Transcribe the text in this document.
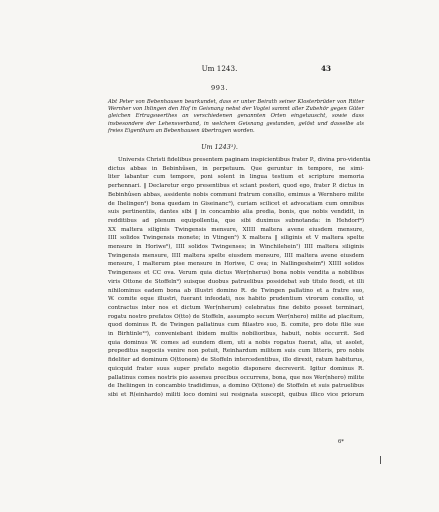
Um 1243.	43
993.

Abt Peter von Bebenhausen beurkundet, dass er unter Beirath seiner Klosterbrüder von Ritter Wernher von Ihlingen den Hof in Geisnang nebst der Vogtei sammt aller Zubehör gegen Güter gleichen Ertragswerthes an verschiedenen genannten Orten eingetauscht, sowie dass insbesondere der Lehensverband, in welchem Geisnang gestanden, gelöst und dasselbe als freies Eigenthum an Bebenhausen übertragen worden.

Um 1243¹).
Universis Christi fidelibus presentem paginam inspicientibus frater P., divina pro-videntia
dictus abbas in Bebinhûsen, in perpetuum. Que geruntur in tempore, ne simi-
liter labantur cum tempore, poni solent in lingua testium et scripture memoria
perhennari. ‖ Declaretur ergo presentibus et sciant posteri, quod ego, frater P. dictus in
Bebinhûsen abbas, assidente nobis communi fratrum consilio, emimus a Wernhero milite
de Ihelingen²) bona quedam in Giseinanc³), curiam scilicet et advocatiam cum omnibus
suis pertinentiis, dantes sibi ‖ in concambio alia predia, bonis, que nobis vendidit, in
redditibus ad plenum equipollentia, que sibi duximus subnotanda: in Hehdorf⁴)
XX maltera siliginis Twingensis mensure, XIIII maltera avene eiusdem mensure,
IIII solidos Twingensis monete; in Vtingen⁵) X maltera ‖ siliginis et V maltera spelte
mensure in Horiwe⁶), IIII solidos Twingenses; in Winchilehein⁷) IIII maltera siliginis
Twingensis mensure, IIII maltera spelte eiusdem mensure, IIII maltera avene eiusdem
mensure, I malterum pise mensure in Horiwe, C ova; in Nallingesheim⁸) XIIII solidos
Twingenses et CC ova. Verum quia dictus Wer(nherus) bona nobis vendita a nobilibus
viris Ottone de Stoffeln⁹) suisque duobus patruelibus possidebat sub titulo feodi, et illi
nihilominus eadem bona ab illustri domino R. de Twingen pallatino et a fratre suo,
W. comite eque illustri, fuerant infeodati, nos habito prudentium virorum consilio, ut
contractus inter nos et dictum Wer(nherum) celebratus fine debito posset terminari,
rogatu nostro prefatos O(tto) de Stoffeln, assumpto secum Wer(nhero) milite ad placitum,
quod dominus R. de Twingen pallatinus cum filiastro suo, B. comite, pro dote filie sue
in Birhtinle¹⁰), conveniebant ibidem multis nobilioribus, habuit, nobis occurrit. Sed
quia dominus W. comes ad eundem diem, uti a nobis rogatus fuerat, alia, ut asolet,
prepeditus negociis venire non potuit, Reinhardum militem suis cum litteris, pro nobis
fideliter ad dominum O(ttonem) de Stoffeln intercedentibus, illo direxit, ratum habiturus,
quicquid frater suus super prefato negotio disponere decreverit. Igitur dominus R.
pallatinus comes nostris pio assensu precibus occurrens, bona, que nos Wer(nhero) milite
de Iheliingen in concambio tradidimus, a domino O(ttone) de Stoffeln et suis patruelibus
sibi et R(einhardo) militi loco domini sui resignata suscepit, quibus illico vice priorum
6*
